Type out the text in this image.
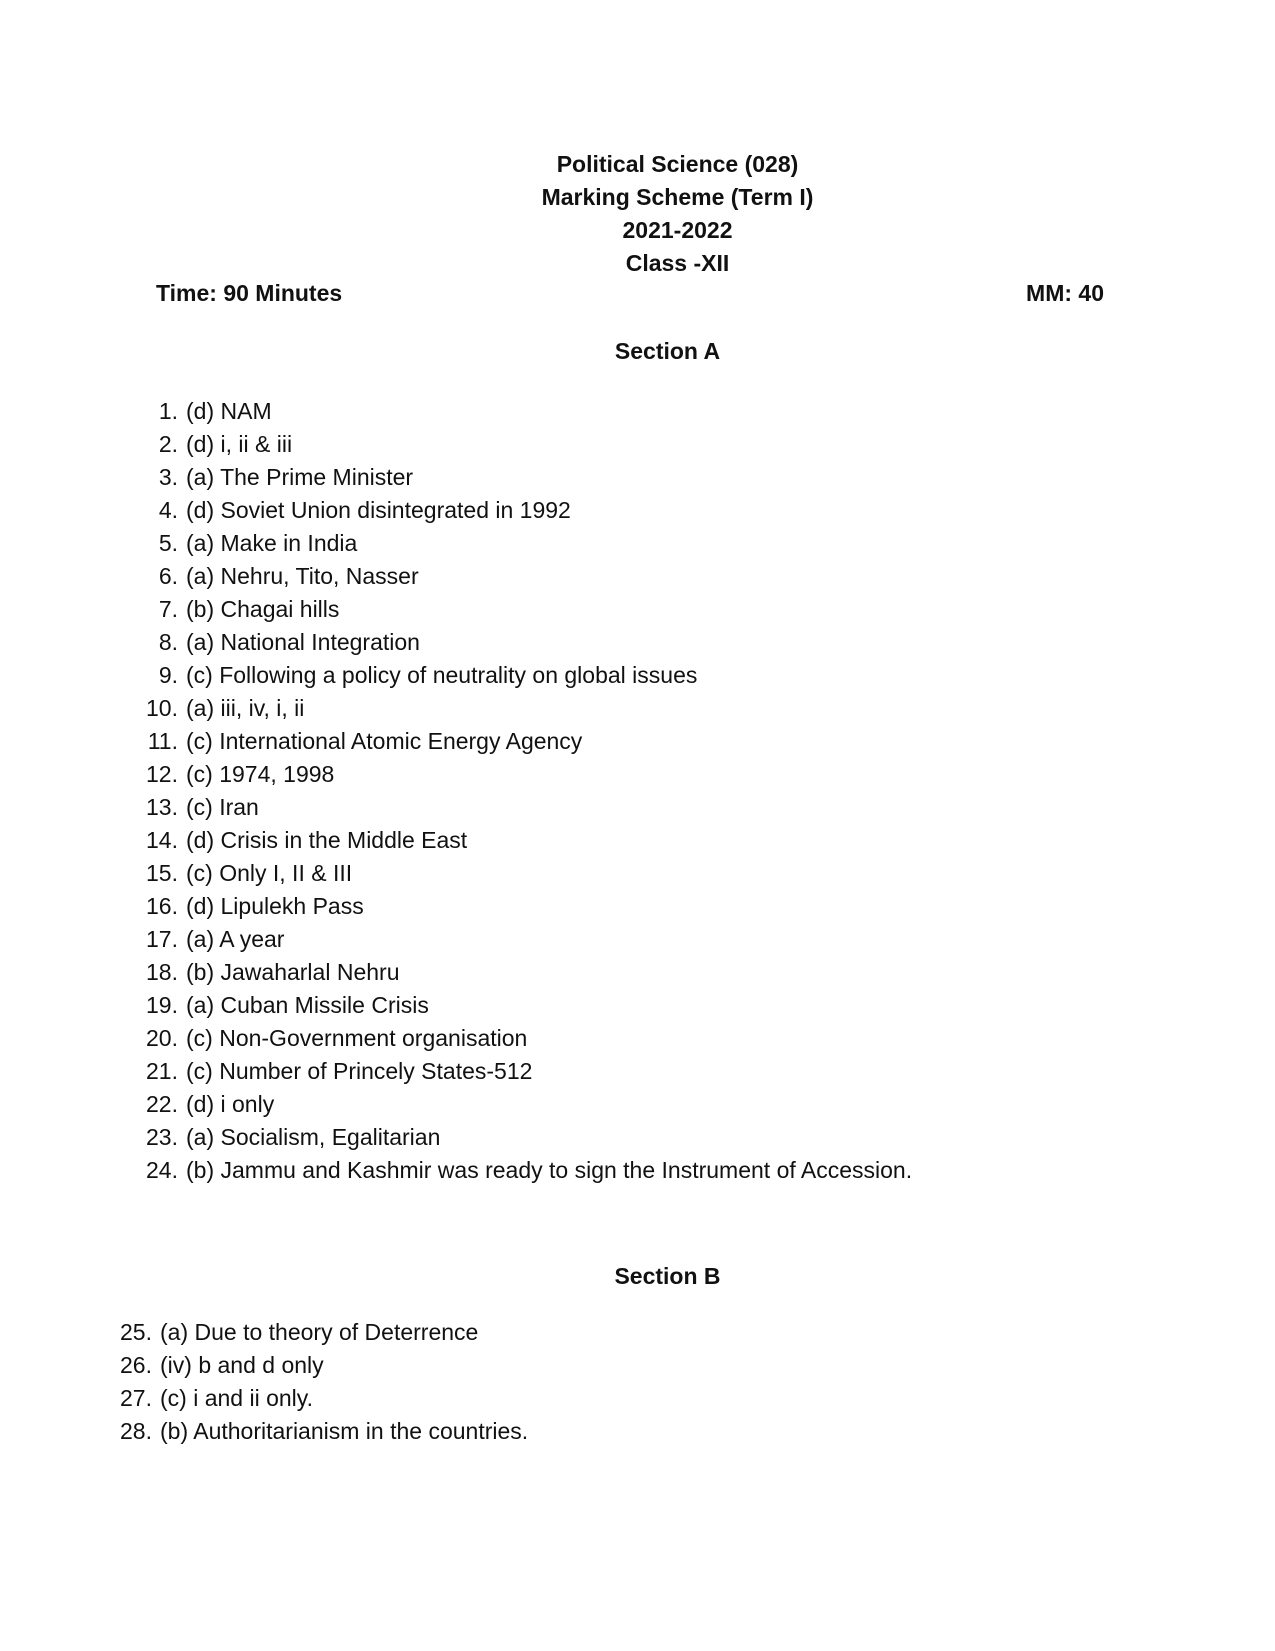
Political Science (028)
Marking Scheme (Term I)
2021-2022
Class -XII
Time: 90 Minutes	MM: 40
Section A
1. (d) NAM
2. (d) i, ii & iii
3. (a) The Prime Minister
4. (d) Soviet Union disintegrated in 1992
5. (a) Make in India
6. (a) Nehru, Tito, Nasser
7. (b) Chagai hills
8. (a) National Integration
9. (c) Following a policy of neutrality on global issues
10. (a) iii, iv, i, ii
11. (c) International Atomic Energy Agency
12. (c) 1974, 1998
13. (c) Iran
14. (d) Crisis in the Middle East
15. (c) Only I, II & III
16. (d) Lipulekh Pass
17. (a) A year
18. (b) Jawaharlal Nehru
19. (a) Cuban Missile Crisis
20. (c) Non-Government organisation
21. (c) Number of Princely States-512
22. (d) i only
23. (a) Socialism, Egalitarian
24. (b) Jammu and Kashmir was ready to sign the Instrument of Accession.
Section B
25. (a) Due to theory of Deterrence
26. (iv) b and d only
27. (c) i and ii only.
28. (b) Authoritarianism in the countries.
